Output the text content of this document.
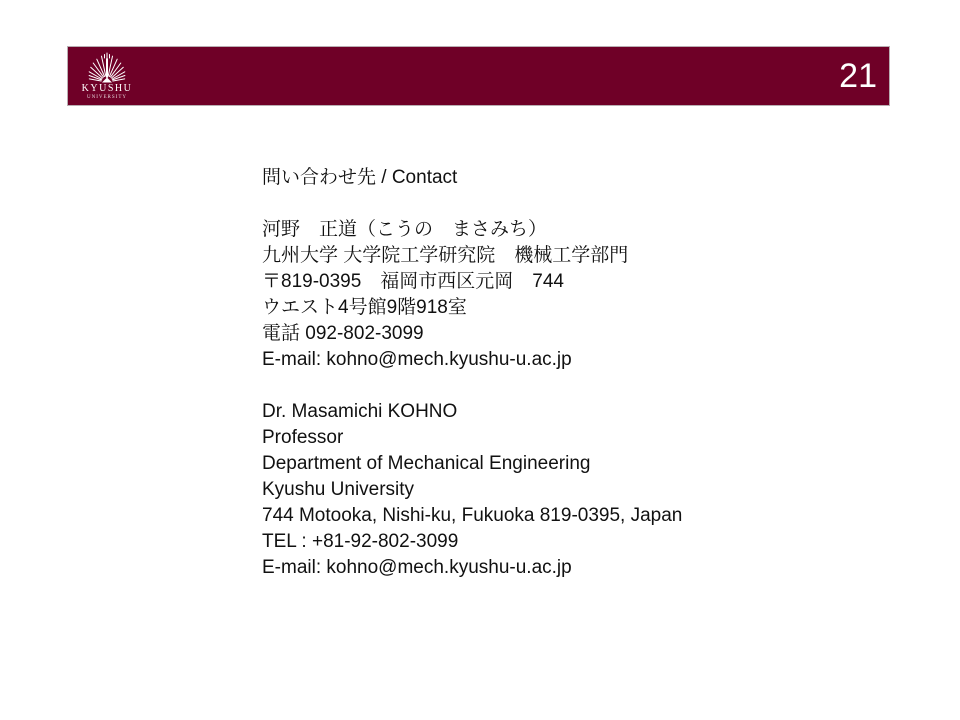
KYUSHU
UNIVERSITY
21
問い合わせ先 / Contact
河野　正道（こうの　まさみち）
九州大学 大学院工学研究院　機械工学部門
〒819-0395　福岡市西区元岡　744
ウエスト4号館9階918室
電話 092-802-3099
E-mail: kohno@mech.kyushu-u.ac.jp
Dr. Masamichi KOHNO
Professor
Department of Mechanical Engineering
Kyushu University
744 Motooka, Nishi-ku, Fukuoka 819-0395, Japan
TEL : +81-92-802-3099
E-mail: kohno@mech.kyushu-u.ac.jp
